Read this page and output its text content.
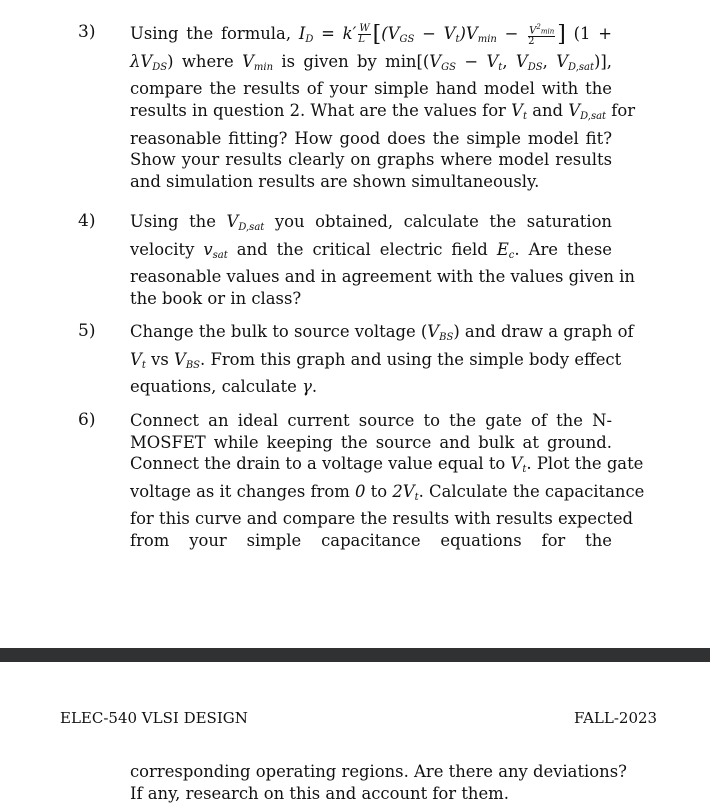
3) Using the formula, $I_D = k' \frac{W}{L} [(V_{GS} - V_t)V_{min} - \frac{V^2\min}{2}$ ] (1 +
$\lambda V_{DS}$) where $V_{min}$ is given by $\min[(V_{GS} - V_t$, $V_{DS}$, $V_{D,sat}$)],
compare the results of your simple hand model with the
results in question 2. What are the values for $V_t$ and $V_{D,sat}$ for
reasonable fitting? How good does the simple model fit?
Show your results clearly on graphs where model results
and simulation results are shown simultaneously.
4) Using the $V_{D,sat}$ you obtained, calculate the saturation
velocity $v_{sat}$ and the critical electric field $E_c$. Are these
reasonable values and in agreement with the values given in
the book or in class?
5) Change the bulk to source voltage $(V_{BS})$ and draw a graph of
$V_t$ vs $V_{BS}$. From this graph and using the simple body effect
equations, calculate γ.
6) Connect an ideal current source to the gate of the N-
MOSFET while keeping the source and bulk at ground.
Connect the drain to a voltage value equal to $V_t$. Plot the gate
voltage as it changes from 0 to $2V_t$. Calculate the capacitance
for this curve and compare the results with results expected
from your simple capacitance equations for the
ELEC-540 VLSI DESIGN	FALL-2023
corresponding operating regions. Are there any deviations?
If any, research on this and account for them.
